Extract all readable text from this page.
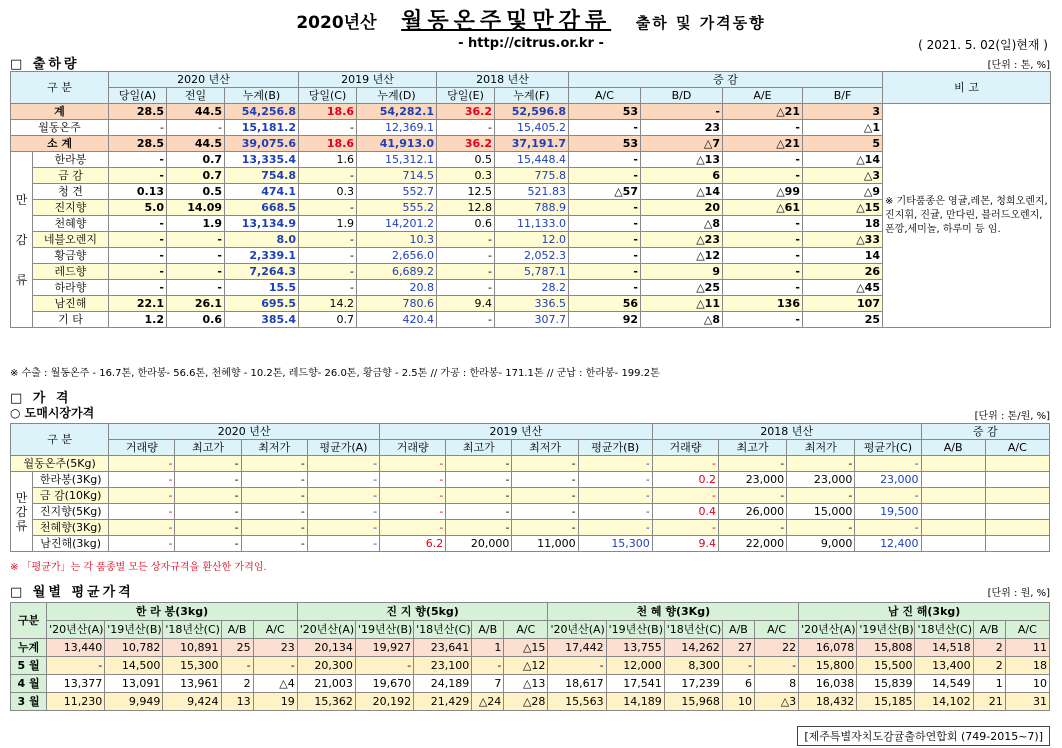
2020년산 월동온주및만감류 출하 및 가격동향
- http://citrus.or.kr -	( 2021. 5. 02(일)현재 )
□ 출하량	[단위 : 톤, %]
구 분		2020 년산			2019 년산		2018 년산		증 감				비 고
		당일(A)	전일	누계(B)	당일(C)	누계(D)	당일(E)	누계(F)	A/C	B/D	A/E	B/F	
계		28.5	44.5	54,256.8	18.6	54,282.1	36.2	52,596.8	53	-	△21	3	※ 기타품종은 영귤,레몬, 청희오렌지, 진지휘, 진귤, 만다린, 블러드오렌지, 폰깡,세미놀, 하루미 등 임.

월동온주		-	-	15,181.2	-	12,369.1	-	15,405.2	-	23	-	△1	
소 계		28.5	44.5	39,075.6	18.6	41,913.0	36.2	37,191.7	53	△7	△21	5	

만
감
류	한라봉	-	0.7	13,335.4	1.6	15,312.1	0.5	15,448.4	-	△13	-	△14	
	금 감	-	0.7	754.8	-	714.5	0.3	775.8	-	6	-	△3	
	청 견	0.13	0.5	474.1	0.3	552.7	12.5	521.83	△57	△14	△99	△9	
	진지향	5.0	14.09	668.5	-	555.2	12.8	788.9	-	20	△61	△15	
	천혜향	-	1.9	13,134.9	1.9	14,201.2	0.6	11,133.0	-	△8	-	18	
	네블오렌지	-	-	8.0	-	10.3	-	12.0	-	△23	-	△33	
	황금향	-	-	2,339.1	-	2,656.0	-	2,052.3	-	△12	-	14	
	레드향	-	-	7,264.3	-	6,689.2	-	5,787.1	-	9	-	26	
	하라향	-	-	15.5	-	20.8	-	28.2	-	△25	-	△45	
	남진해	22.1	26.1	695.5	14.2	780.6	9.4	336.5	56	△11	136	107	
	기 타	1.2	0.6	385.4	0.7	420.4	-	307.7	92	△8	-	25	
※ 수출 : 월동온주 - 16.7톤, 한라봉- 56.6톤, 천혜향 - 10.2톤, 레드향- 26.0톤, 황금향 - 2.5톤 // 가공 : 한라봉- 171.1톤 // 군납 : 한라봉- 199.2톤
□ 가 격
○ 도매시장가격	[단위 : 톤/원, %]
구 분		2020 년산				2019 년산				2018 년산				증 감	
		거래량	최고가	최저가	평균가(A)	거래량	최고가	최저가	평균가(B)	거래량	최고가	최저가	평균가(C)	A/B	A/C
월동온주(5Kg)		-	-	-	-	-	-	-	-	-	-	-	-		

만
감
류	한라봉(3Kg)	-	-	-	-	-	-	-	-	0.2	23,000	23,000	23,000		
	금 감(10Kg)	-	-	-	-	-	-	-	-	-	-	-	-		
	진지향(5Kg)	-	-	-	-	-	-	-	-	0.4	26,000	15,000	19,500		
	천혜향(3Kg)	-	-	-	-	-	-	-	-	-	-	-	-		
	남진해(3kg)	-	-	-	-	6.2	20,000	11,000	15,300	9.4	22,000	9,000	12,400		
※ 「평균가」는 각 품종별 모든 상자규격을 환산한 가격임.
□ 월별 평균가격	[단위 : 원, %]
구분	한 라 봉(3kg)					진 지 향(5kg)					천 혜 향(3Kg)					남 진 해(3kg)				
	'20년산(A)	'19년산(B)	'18년산(C)	A/B	A/C	'20년산(A)	'19년산(B)	'18년산(C)	A/B	A/C	'20년산(A)	'19년산(B)	'18년산(C)	A/B	A/C	'20년산(A)	'19년산(B)	'18년산(C)	A/B	A/C
누계	13,440	10,782	10,891	25	23	20,134	19,927	23,641	1	△15	17,442	13,755	14,262	27	22	16,078	15,808	14,518	2	11
5 월	-	14,500	15,300	-	-	20,300	-	23,100	-	△12	-	12,000	8,300	-	-	15,800	15,500	13,400	2	18
4 월	13,377	13,091	13,961	2	△4	21,003	19,670	24,189	7	△13	18,617	17,541	17,239	6	8	16,038	15,839	14,549	1	10
3 월	11,230	9,949	9,424	13	19	15,362	20,192	21,429	△24	△28	15,563	14,189	15,968	10	△3	18,432	15,185	14,102	21	31
[제주특별자치도감귤출하연합회 (749-2015~7)]
